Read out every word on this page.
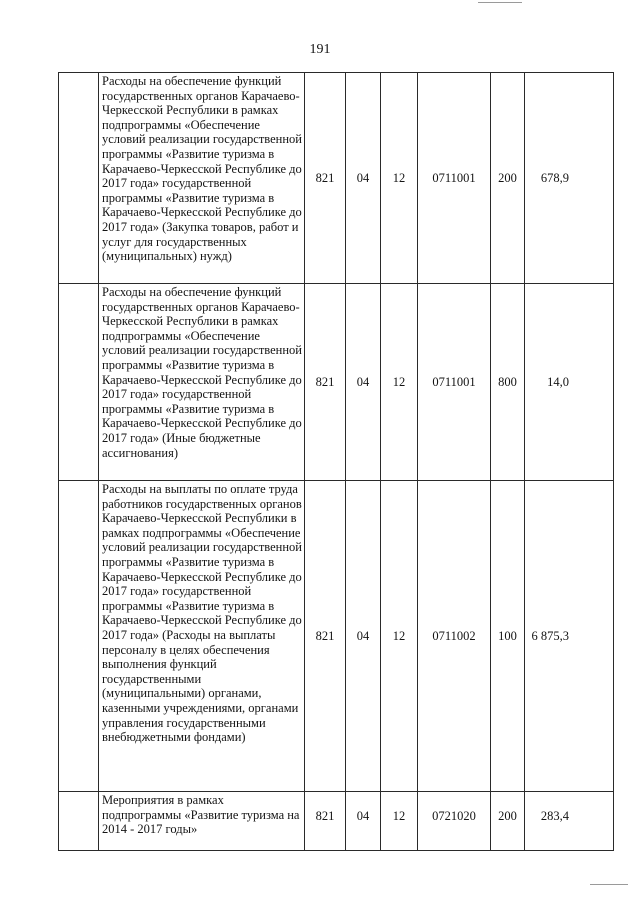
191
	Расходы на обеспечение функций государственных органов Карачаево-Черкесской Республики в рамках подпрограммы «Обеспечение условий реализации государственной программы «Развитие туризма в Карачаево-Черкесской Республике до 2017 года» государственной программы «Развитие туризма в Карачаево-Черкесской Республике до 2017 года» (Закупка товаров, работ и услуг для государственных (муниципальных) нужд)	821	04	12	0711001	200	678,9
	Расходы на обеспечение функций государственных органов Карачаево-Черкесской Республики в рамках подпрограммы «Обеспечение условий реализации государственной программы «Развитие туризма в Карачаево-Черкесской Республике до 2017 года» государственной программы «Развитие туризма в Карачаево-Черкесской Республике до 2017 года» (Иные бюджетные ассигнования)	821	04	12	0711001	800	14,0
	Расходы на выплаты по оплате труда работников государственных органов Карачаево-Черкесской Республики в рамках подпрограммы «Обеспечение условий реализации государственной программы «Развитие туризма в Карачаево-Черкесской Республике до 2017 года» государственной программы «Развитие туризма в Карачаево-Черкесской Республике до 2017 года» (Расходы на выплаты персоналу в целях обеспечения выполнения функций государственными (муниципальными) органами, казенными учреждениями, органами управления государственными внебюджетными фондами)	821	04	12	0711002	100	6 875,3
	Мероприятия в рамках подпрограммы «Развитие туризма на 2014 - 2017 годы»	821	04	12	0721020	200	283,4
